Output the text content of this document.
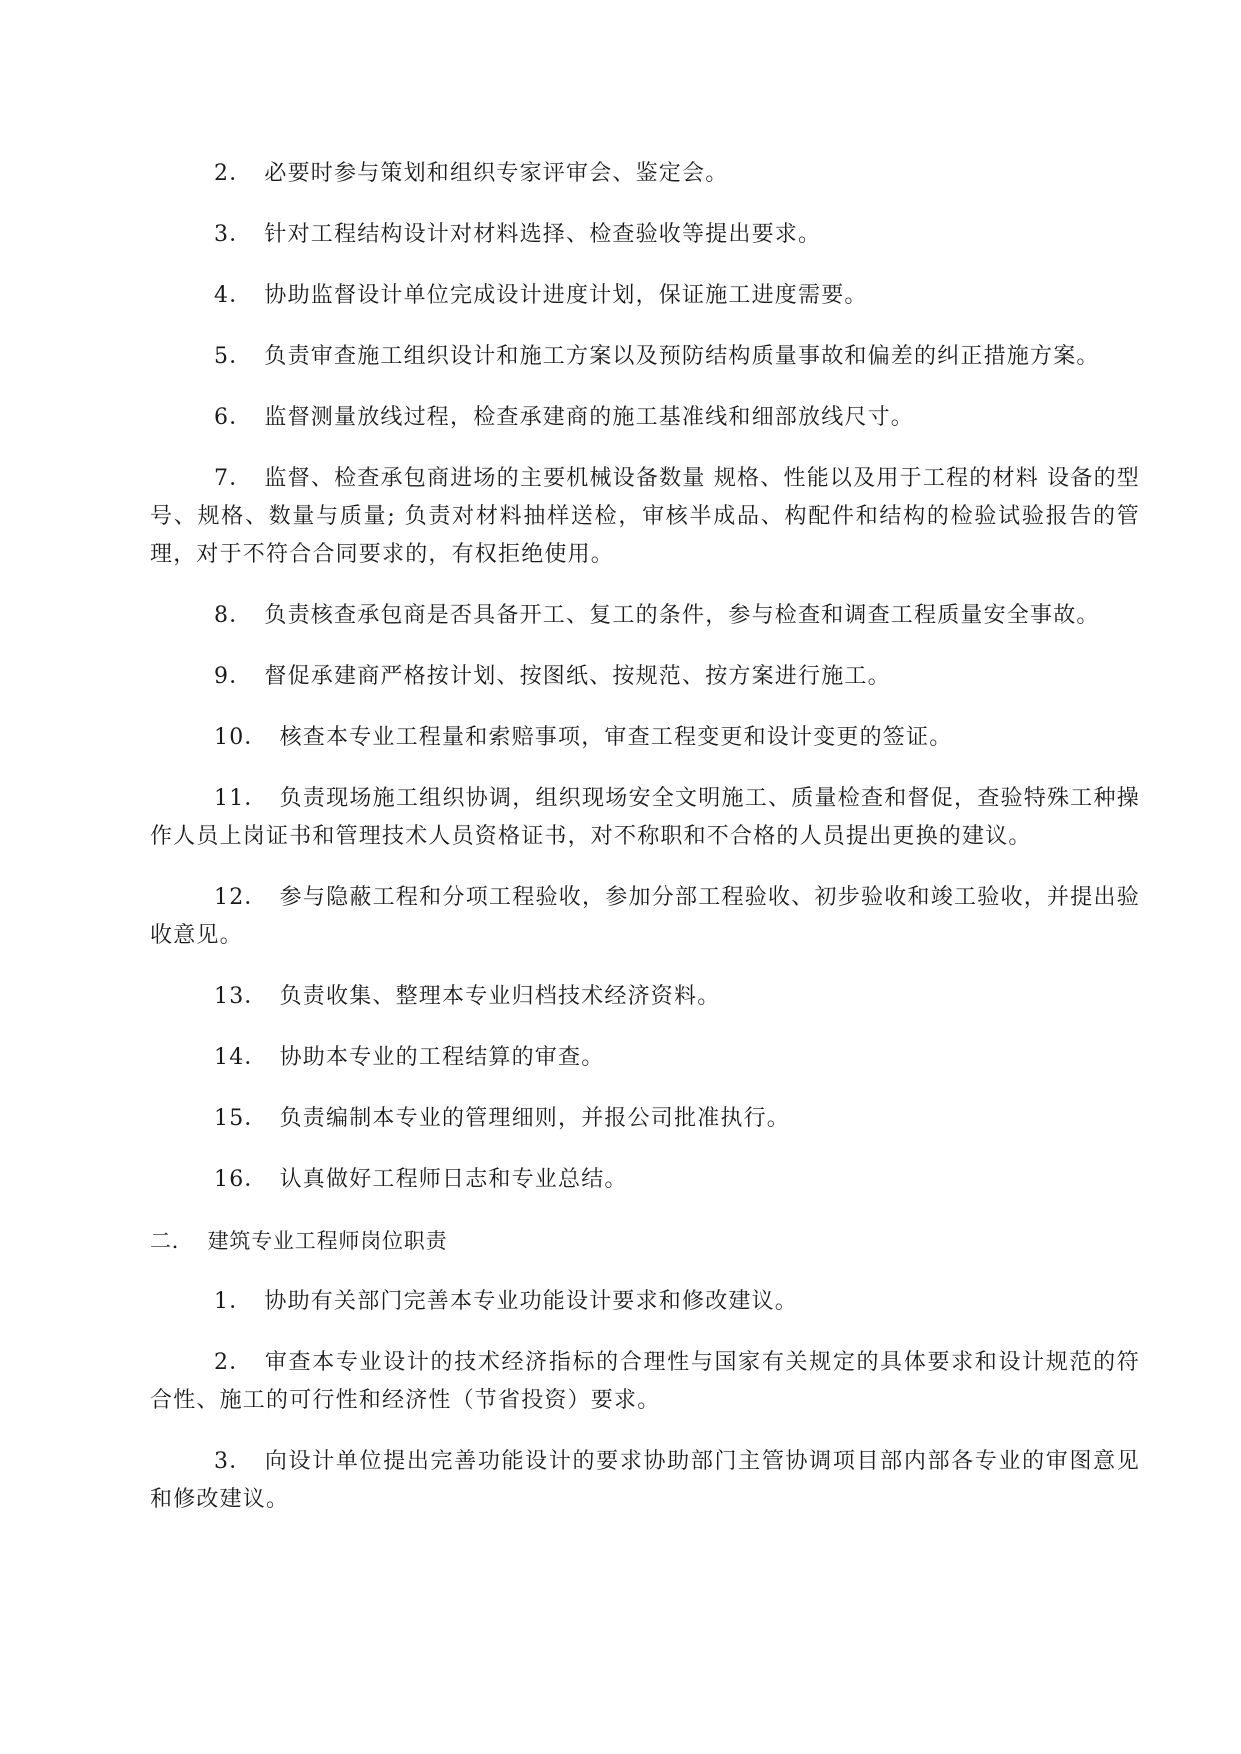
2． 必要时参与策划和组织专家评审会、鉴定会。

3． 针对工程结构设计对材料选择、检查验收等提出要求。

4． 协助监督设计单位完成设计进度计划，保证施工进度需要。

5． 负责审查施工组织设计和施工方案以及预防结构质量事故和偏差的纠正措施方案。

6． 监督测量放线过程，检查承建商的施工基准线和细部放线尺寸。

7． 监督、检查承包商进场的主要机械设备数量 规格、性能以及用于工程的材料 设备的型号、规格、数量与质量; 负责对材料抽样送检，审核半成品、构配件和结构的检验试验报告的管理，对于不符合合同要求的，有权拒绝使用。

8． 负责核查承包商是否具备开工、复工的条件，参与检查和调查工程质量安全事故。

9． 督促承建商严格按计划、按图纸、按规范、按方案进行施工。

10． 核查本专业工程量和索赔事项，审查工程变更和设计变更的签证。

11． 负责现场施工组织协调，组织现场安全文明施工、质量检查和督促，查验特殊工种操作人员上岗证书和管理技术人员资格证书，对不称职和不合格的人员提出更换的建议。

12． 参与隐蔽工程和分项工程验收，参加分部工程验收、初步验收和竣工验收，并提出验收意见。

13． 负责收集、整理本专业归档技术经济资料。

14． 协助本专业的工程结算的审查。

15． 负责编制本专业的管理细则，并报公司批准执行。

16． 认真做好工程师日志和专业总结。

二． 建筑专业工程师岗位职责

1． 协助有关部门完善本专业功能设计要求和修改建议。

2． 审查本专业设计的技术经济指标的合理性与国家有关规定的具体要求和设计规范的符合性、施工的可行性和经济性（节省投资）要求。

3． 向设计单位提出完善功能设计的要求协助部门主管协调项目部内部各专业的审图意见和修改建议。
